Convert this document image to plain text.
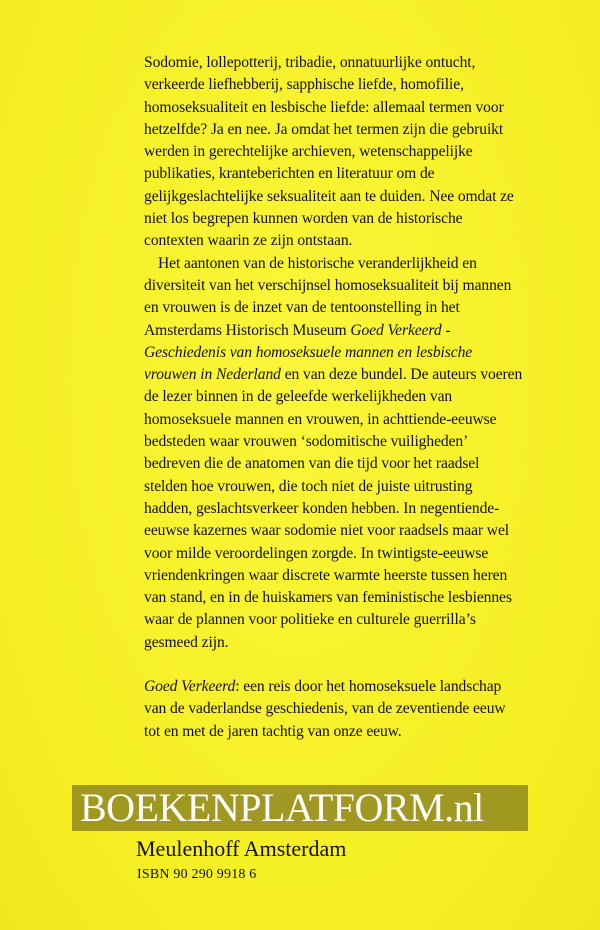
Sodomie, lollepotterij, tribadie, onnatuurlijke ontucht, verkeerde liefhebberij, sapphische liefde, homofilie, homoseksualiteit en lesbische liefde: allemaal termen voor hetzelfde? Ja en nee. Ja omdat het termen zijn die gebruikt werden in gerechtelijke archieven, wetenschappelijke publikaties, kranteberichten en literatuur om de gelijkgeslachtelijke seksualiteit aan te duiden. Nee omdat ze niet los begrepen kunnen worden van de historische contexten waarin ze zijn ontstaan.

Het aantonen van de historische veranderlijkheid en diversiteit van het verschijnsel homoseksualiteit bij mannen en vrouwen is de inzet van de tentoonstelling in het Amsterdams Historisch Museum Goed Verkeerd - Geschiedenis van homoseksuele mannen en lesbische vrouwen in Nederland en van deze bundel. De auteurs voeren de lezer binnen in de geleefde werkelijkheden van homoseksuele mannen en vrouwen, in achttiende-eeuwse bedsteden waar vrouwen ‘sodomitische vuiligheden’ bedreven die de anatomen van die tijd voor het raadsel stelden hoe vrouwen, die toch niet de juiste uitrusting hadden, geslachtsverkeer konden hebben. In negentiende-eeuwse kazernes waar sodomie niet voor raadsels maar wel voor milde veroordelingen zorgde. In twintigste-eeuwse vriendenkringen waar discrete warmte heerste tussen heren van stand, en in de huiskamers van feministische lesbiennes waar de plannen voor politieke en culturele guerrilla’s gesmeed zijn.

Goed Verkeerd: een reis door het homoseksuele landschap van de vaderlandse geschiedenis, van de zeventiende eeuw tot en met de jaren tachtig van onze eeuw.

BOEKENPLATFORM.nl
Meulenhoff Amsterdam
ISBN 90 290 9918 6
